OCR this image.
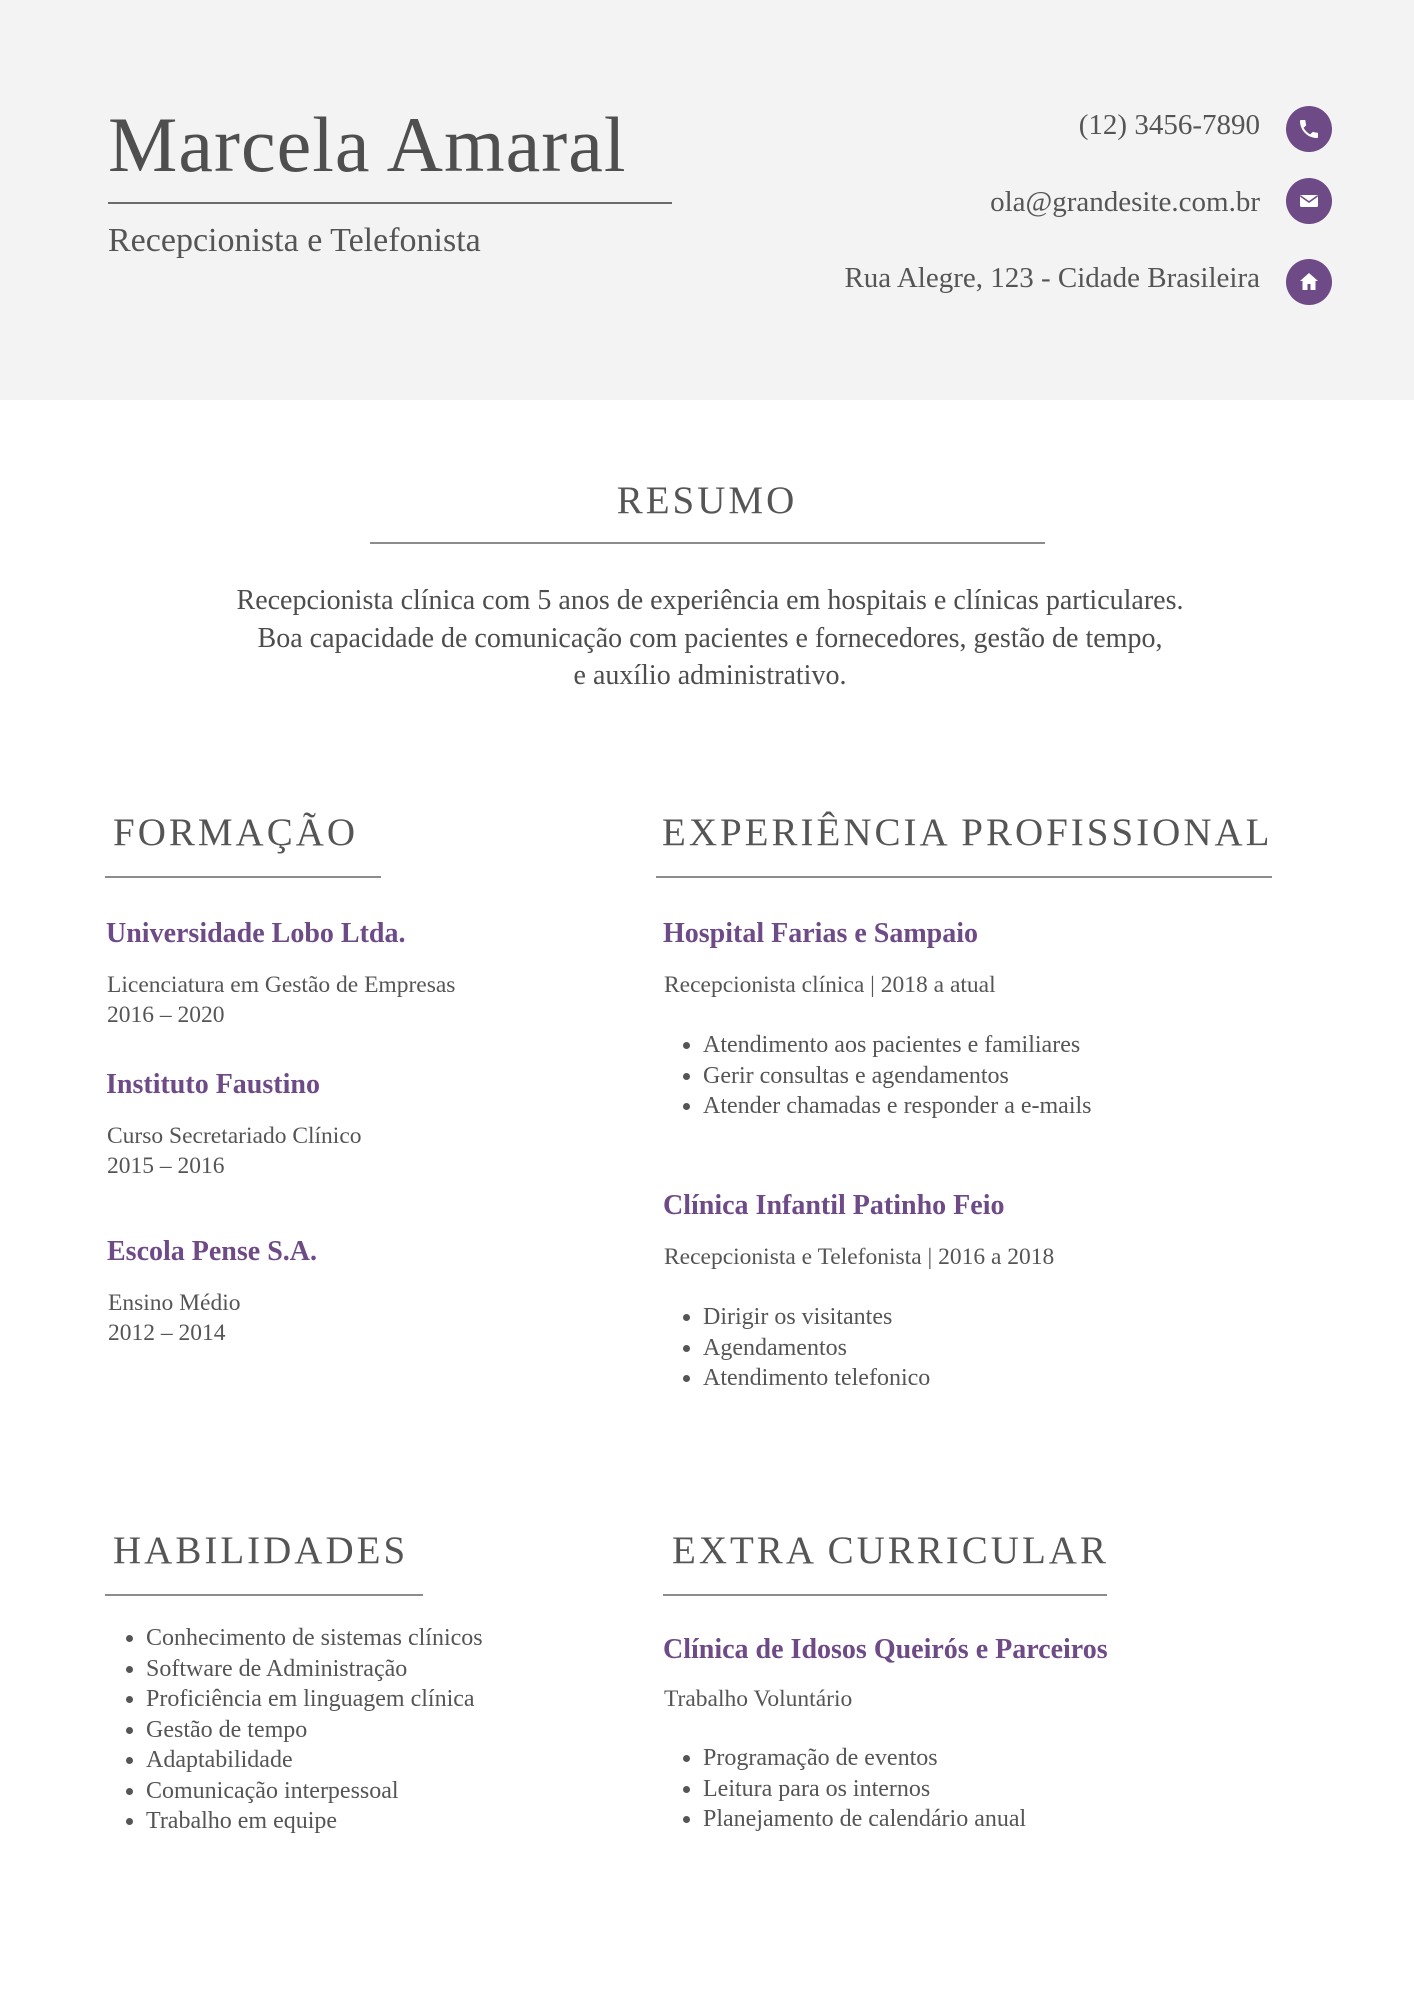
Marcela Amaral
Recepcionista e Telefonista
(12) 3456-7890
ola@grandesite.com.br
Rua Alegre, 123 - Cidade Brasileira
RESUMO
Recepcionista clínica com 5 anos de experiência em hospitais e clínicas particulares.
Boa capacidade de comunicação com pacientes e fornecedores, gestão de tempo,
e auxílio administrativo.
FORMAÇÃO
Universidade Lobo Ltda.
Licenciatura em Gestão de Empresas
2016 – 2020
Instituto Faustino
Curso Secretariado Clínico
2015 – 2016
Escola Pense S.A.
Ensino Médio
2012 – 2014
EXPERIÊNCIA PROFISSIONAL
Hospital Farias e Sampaio
Recepcionista clínica | 2018 a atual
• Atendimento aos pacientes e familiares
• Gerir consultas e agendamentos
• Atender chamadas e responder a e-mails
Clínica Infantil Patinho Feio
Recepcionista e Telefonista | 2016 a 2018
• Dirigir os visitantes
• Agendamentos
• Atendimento telefonico
HABILIDADES
• Conhecimento de sistemas clínicos
• Software de Administração
• Proficiência em linguagem clínica
• Gestão de tempo
• Adaptabilidade
• Comunicação interpessoal
• Trabalho em equipe
EXTRA CURRICULAR
Clínica de Idosos Queirós e Parceiros
Trabalho Voluntário
• Programação de eventos
• Leitura para os internos
• Planejamento de calendário anual
